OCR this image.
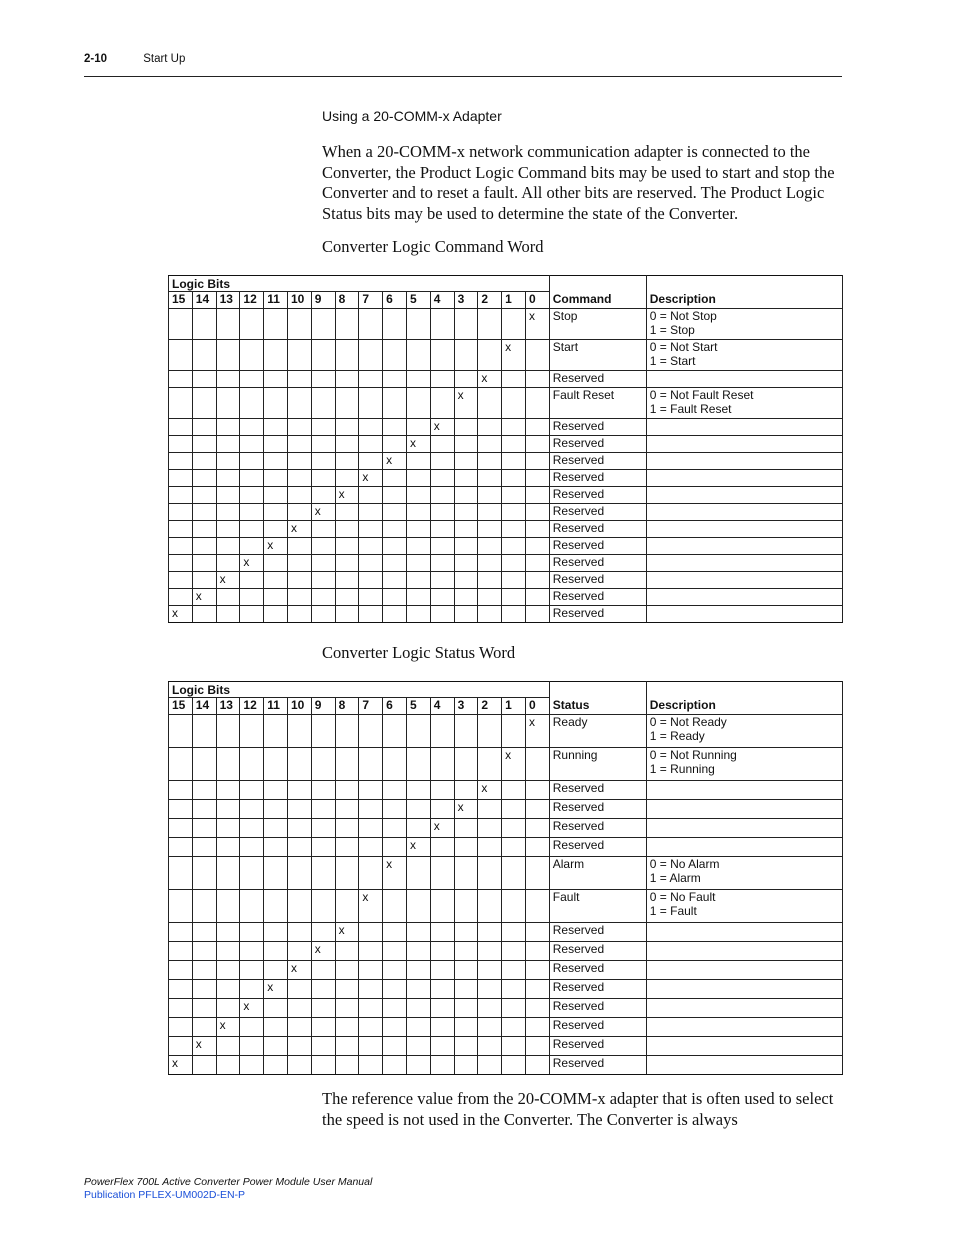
2-10	Start Up
Using a 20-COMM-x Adapter

When a 20-COMM-x network communication adapter is connected to the Converter, the Product Logic Command bits may be used to start and stop the Converter and to reset a fault. All other bits are reserved. The Product Logic Status bits may be used to determine the state of the Converter.

Converter Logic Command Word
Logic Bits																	
15	14	13	12	11	10	9	8	7	6	5	4	3	2	1	0	Command	Description
															x	Stop	0 = Not Stop
1 = Stop

														x		Start	0 = Not Start
1 = Start

													x			Reserved	
												x				Fault Reset	0 = Not Fault Reset
1 = Fault Reset

											x					Reserved	
										x						Reserved	
									x							Reserved	
								x								Reserved	
							x									Reserved	
						x										Reserved	
					x											Reserved	
				x												Reserved	
			x													Reserved	
		x														Reserved	
	x															Reserved	
x																Reserved	
Converter Logic Status Word
Logic Bits																	
15	14	13	12	11	10	9	8	7	6	5	4	3	2	1	0	Status	Description
															x	Ready	0 = Not Ready
1 = Ready

														x		Running	0 = Not Running
1 = Running

													x			Reserved	
												x				Reserved	
											x					Reserved	
										x						Reserved	
									x							Alarm	0 = No Alarm
1 = Alarm

								x								Fault	0 = No Fault
1 = Fault

							x									Reserved	
						x										Reserved	
					x											Reserved	
				x												Reserved	
			x													Reserved	
		x														Reserved	
	x															Reserved	
x																Reserved	

The reference value from the 20-COMM-x adapter that is often used to select the speed is not used in the Converter. The Converter is always

PowerFlex 700L Active Converter Power Module User Manual
Publication PFLEX-UM002D-EN-P
